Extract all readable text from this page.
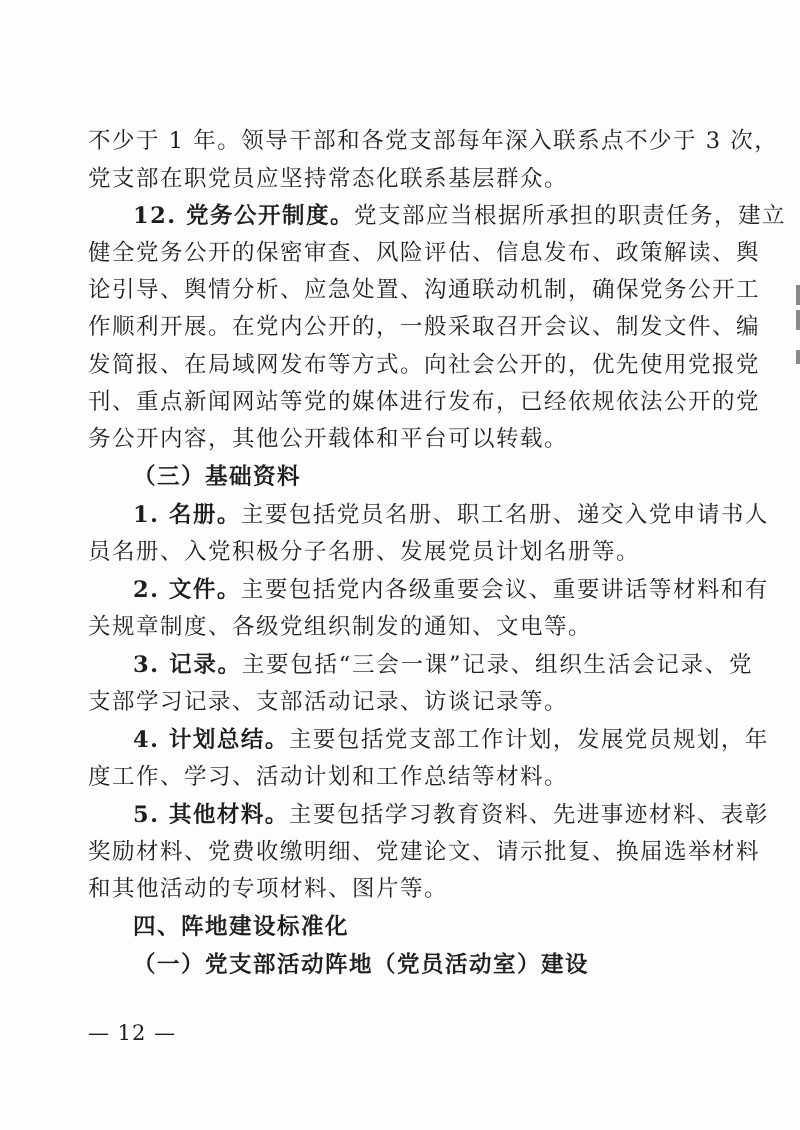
不少于 1 年。领导干部和各党支部每年深入联系点不少于 3 次，
党支部在职党员应坚持常态化联系基层群众。
12. 党务公开制度。党支部应当根据所承担的职责任务，建立
健全党务公开的保密审查、风险评估、信息发布、政策解读、舆
论引导、舆情分析、应急处置、沟通联动机制，确保党务公开工
作顺利开展。在党内公开的，一般采取召开会议、制发文件、编
发简报、在局域网发布等方式。向社会公开的，优先使用党报党
刊、重点新闻网站等党的媒体进行发布，已经依规依法公开的党
务公开内容，其他公开载体和平台可以转载。
（三）基础资料
1. 名册。主要包括党员名册、职工名册、递交入党申请书人
员名册、入党积极分子名册、发展党员计划名册等。
2. 文件。主要包括党内各级重要会议、重要讲话等材料和有
关规章制度、各级党组织制发的通知、文电等。
3. 记录。主要包括“三会一课”记录、组织生活会记录、党
支部学习记录、支部活动记录、访谈记录等。
4. 计划总结。主要包括党支部工作计划，发展党员规划，年
度工作、学习、活动计划和工作总结等材料。
5. 其他材料。主要包括学习教育资料、先进事迹材料、表彰
奖励材料、党费收缴明细、党建论文、请示批复、换届选举材料
和其他活动的专项材料、图片等。
四、阵地建设标准化
（一）党支部活动阵地（党员活动室）建设
— 12 —
